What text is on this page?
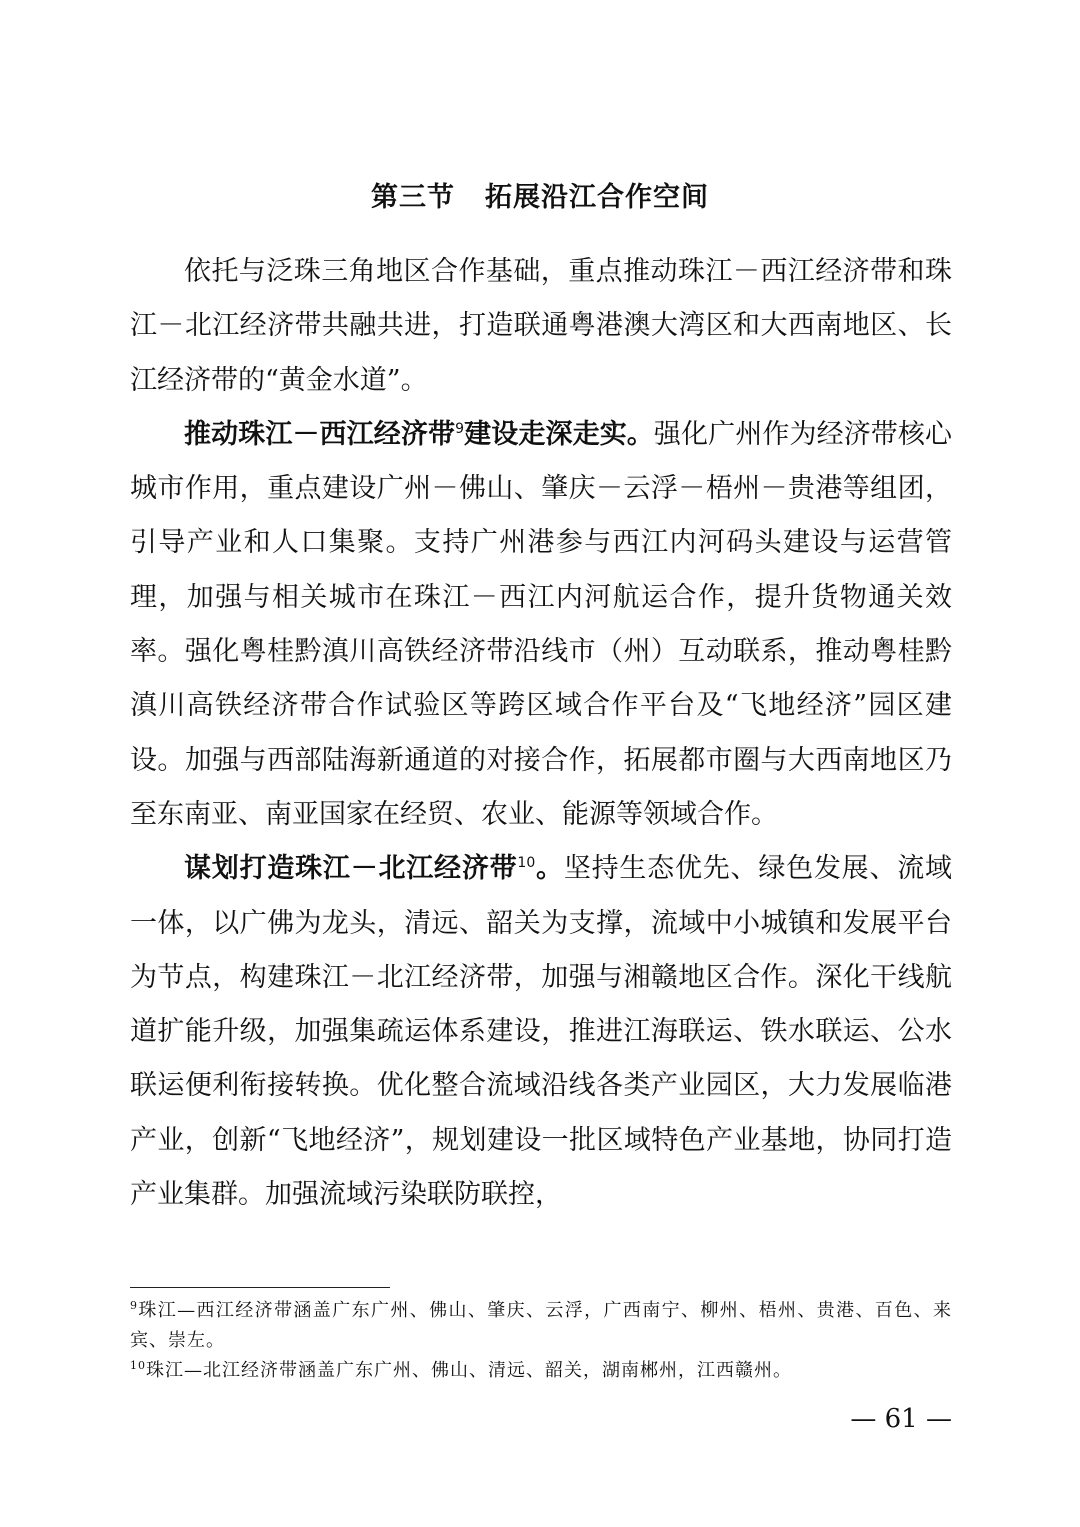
第三节 拓展沿江合作空间

依托与泛珠三角地区合作基础，重点推动珠江－西江经济带和珠江－北江经济带共融共进，打造联通粤港澳大湾区和大西南地区、长江经济带的“黄金水道”。

推动珠江－西江经济带$^9$建设走深走实。强化广州作为经济带核心城市作用，重点建设广州－佛山、肇庆－云浮－梧州－贵港等组团，引导产业和人口集聚。支持广州港参与西江内河码头建设与运营管理，加强与相关城市在珠江－西江内河航运合作，提升货物通关效率。强化粤桂黔滇川高铁经济带沿线市（州）互动联系，推动粤桂黔滇川高铁经济带合作试验区等跨区域合作平台及“飞地经济”园区建设。加强与西部陆海新通道的对接合作，拓展都市圈与大西南地区乃至东南亚、南亚国家在经贸、农业、能源等领域合作。

谋划打造珠江－北江经济带$^{10}$。坚持生态优先、绿色发展、流域一体，以广佛为龙头，清远、韶关为支撑，流域中小城镇和发展平台为节点，构建珠江－北江经济带，加强与湘赣地区合作。深化干线航道扩能升级，加强集疏运体系建设，推进江海联运、铁水联运、公水联运便利衔接转换。优化整合流域沿线各类产业园区，大力发展临港产业，创新“飞地经济”，规划建设一批区域特色产业基地，协同打造产业集群。加强流域污染联防联控，

$^9$珠江—西江经济带涵盖广东广州、佛山、肇庆、云浮，广西南宁、柳州、梧州、贵港、百色、来宾、崇左。

$^{10}$珠江—北江经济带涵盖广东广州、佛山、清远、韶关，湖南郴州，江西赣州。

— 61 —
